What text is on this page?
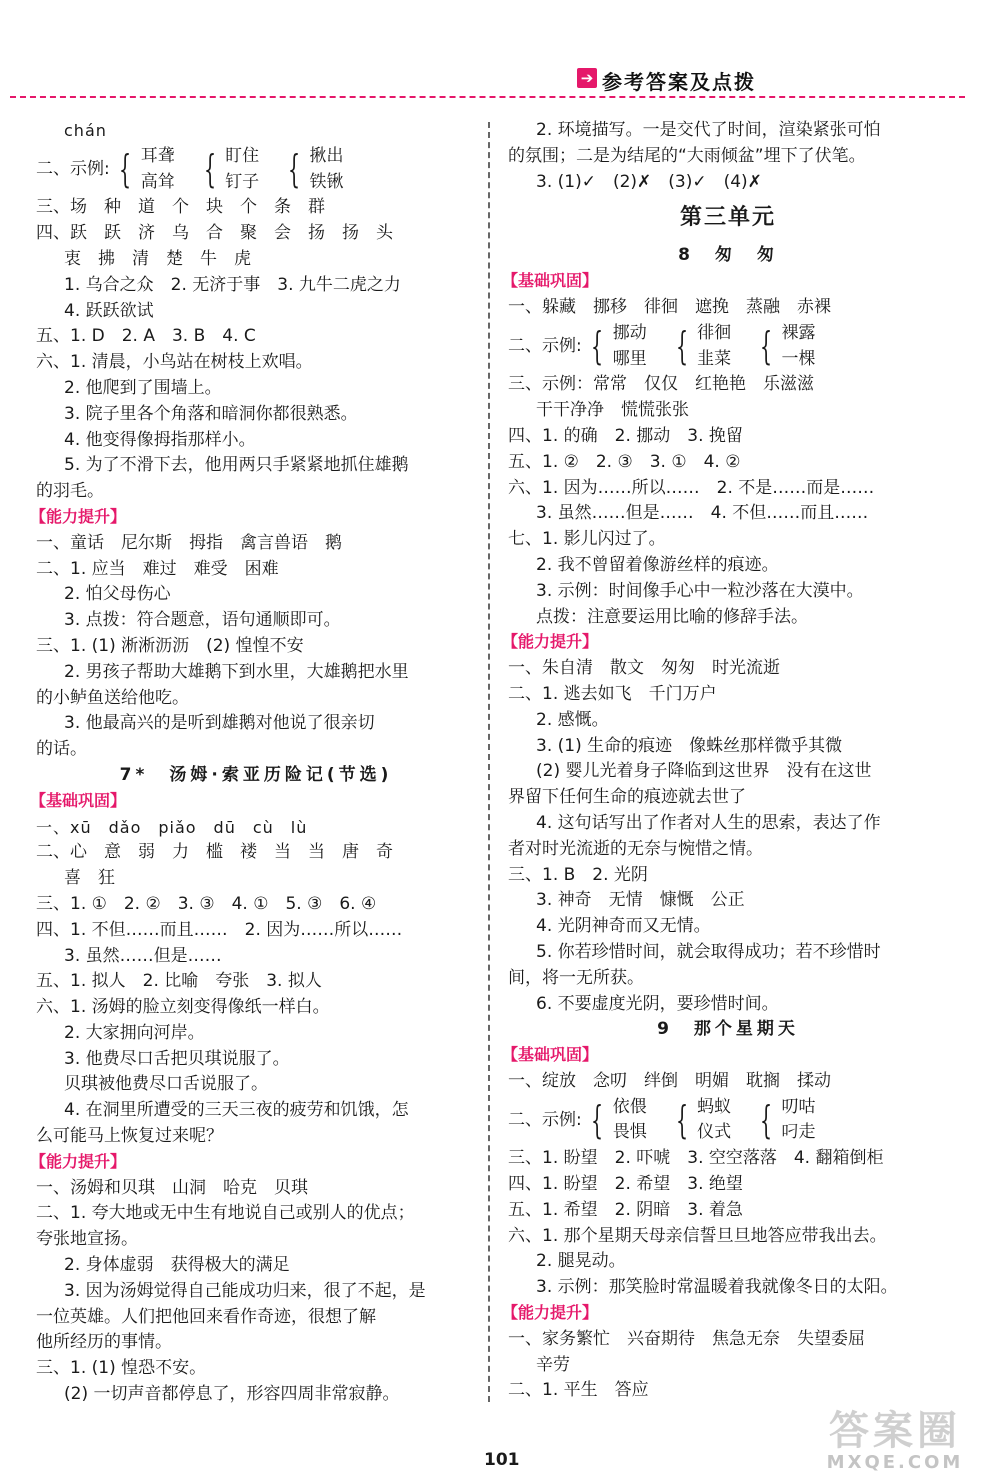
➔ 参考答案及点拨
chán
二、示例: { 耳聋
高耸 { 盯住
钉子 { 揪出
铁锹
三、场　种　道　个　块　个　条　群
四、跃　跃　济　乌　合　聚　会　扬　扬　头
衷　拂　清　楚　牛　虎
1. 乌合之众　2. 无济于事　3. 九牛二虎之力
4. 跃跃欲试
五、1. D　2. A　3. B　4. C
六、1. 清晨，小鸟站在树枝上欢唱。
2. 他爬到了围墙上。
3. 院子里各个角落和暗洞你都很熟悉。
4. 他变得像拇指那样小。
5. 为了不滑下去，他用两只手紧紧地抓住雄鹅
的羽毛。
【能力提升】
一、童话　尼尔斯　拇指　禽言兽语　鹅
二、1. 应当　难过　难受　困难
2. 怕父母伤心
3. 点拨：符合题意，语句通顺即可。
三、1. (1) 淅淅沥沥　(2) 惶惶不安
2. 男孩子帮助大雄鹅下到水里，大雄鹅把水里
的小鲈鱼送给他吃。
3. 他最高兴的是听到雄鹅对他说了很亲切
的话。
7*　汤姆·索亚历险记(节选)
【基础巩固】
一、xū　dǎo　piǎo　dū　cù　lù
二、心　意　弱　力　槛　褛　当　当　唐　奇
喜　狂
三、1. ①　2. ②　3. ③　4. ①　5. ③　6. ④
四、1. 不但……而且……　2. 因为……所以……
3. 虽然……但是……
五、1. 拟人　2. 比喻　夸张　3. 拟人
六、1. 汤姆的脸立刻变得像纸一样白。
2. 大家拥向河岸。
3. 他费尽口舌把贝琪说服了。
贝琪被他费尽口舌说服了。
4. 在洞里所遭受的三天三夜的疲劳和饥饿，怎
么可能马上恢复过来呢？
【能力提升】
一、汤姆和贝琪　山洞　哈克　贝琪
二、1. 夸大地或无中生有地说自己或别人的优点；
夸张地宣扬。
2. 身体虚弱　获得极大的满足
3. 因为汤姆觉得自己能成功归来，很了不起，是
一位英雄。人们把他回来看作奇迹，很想了解
他所经历的事情。
三、1. (1) 惶恐不安。
(2) 一切声音都停息了，形容四周非常寂静。
2. 环境描写。一是交代了时间，渲染紧张可怕
的氛围；二是为结尾的“大雨倾盆”埋下了伏笔。
3. (1)✓　(2)✗　(3)✓　(4)✗
第三单元
8　匆　匆
【基础巩固】
一、躲藏　挪移　徘徊　遮挽　蒸融　赤裸
二、示例: { 挪动
哪里 { 徘徊
韭菜 { 裸露
一棵
三、示例：常常　仅仅　红艳艳　乐滋滋
干干净净　慌慌张张
四、1. 的确　2. 挪动　3. 挽留
五、1. ②　2. ③　3. ①　4. ②
六、1. 因为……所以……　2. 不是……而是……
3. 虽然……但是……　4. 不但……而且……
七、1. 影儿闪过了。
2. 我不曾留着像游丝样的痕迹。
3. 示例：时间像手心中一粒沙落在大漠中。
点拨：注意要运用比喻的修辞手法。
【能力提升】
一、朱自清　散文　匆匆　时光流逝
二、1. 逃去如飞　千门万户
2. 感慨。
3. (1) 生命的痕迹　像蛛丝那样微乎其微
(2) 婴儿光着身子降临到这世界　没有在这世
界留下任何生命的痕迹就去世了
4. 这句话写出了作者对人生的思索，表达了作
者对时光流逝的无奈与惋惜之情。
三、1. B　2. 光阴
3. 神奇　无情　慷慨　公正
4. 光阴神奇而又无情。
5. 你若珍惜时间，就会取得成功；若不珍惜时
间，将一无所获。
6. 不要虚度光阴，要珍惜时间。
9　那个星期天
【基础巩固】
一、绽放　念叨　绊倒　明媚　耽搁　揉动
二、示例: { 依偎
畏惧 { 蚂蚁
仪式 { 叨咕
叼走
三、1. 盼望　2. 吓唬　3. 空空落落　4. 翻箱倒柜
四、1. 盼望　2. 希望　3. 绝望
五、1. 希望　2. 阴暗　3. 着急
六、1. 那个星期天母亲信誓旦旦地答应带我出去。
2. 腿晃动。
3. 示例：那笑脸时常温暖着我就像冬日的太阳。
【能力提升】
一、家务繁忙　兴奋期待　焦急无奈　失望委屈
辛劳
二、1. 平生　答应
101
答案圈
MXQE.COM
